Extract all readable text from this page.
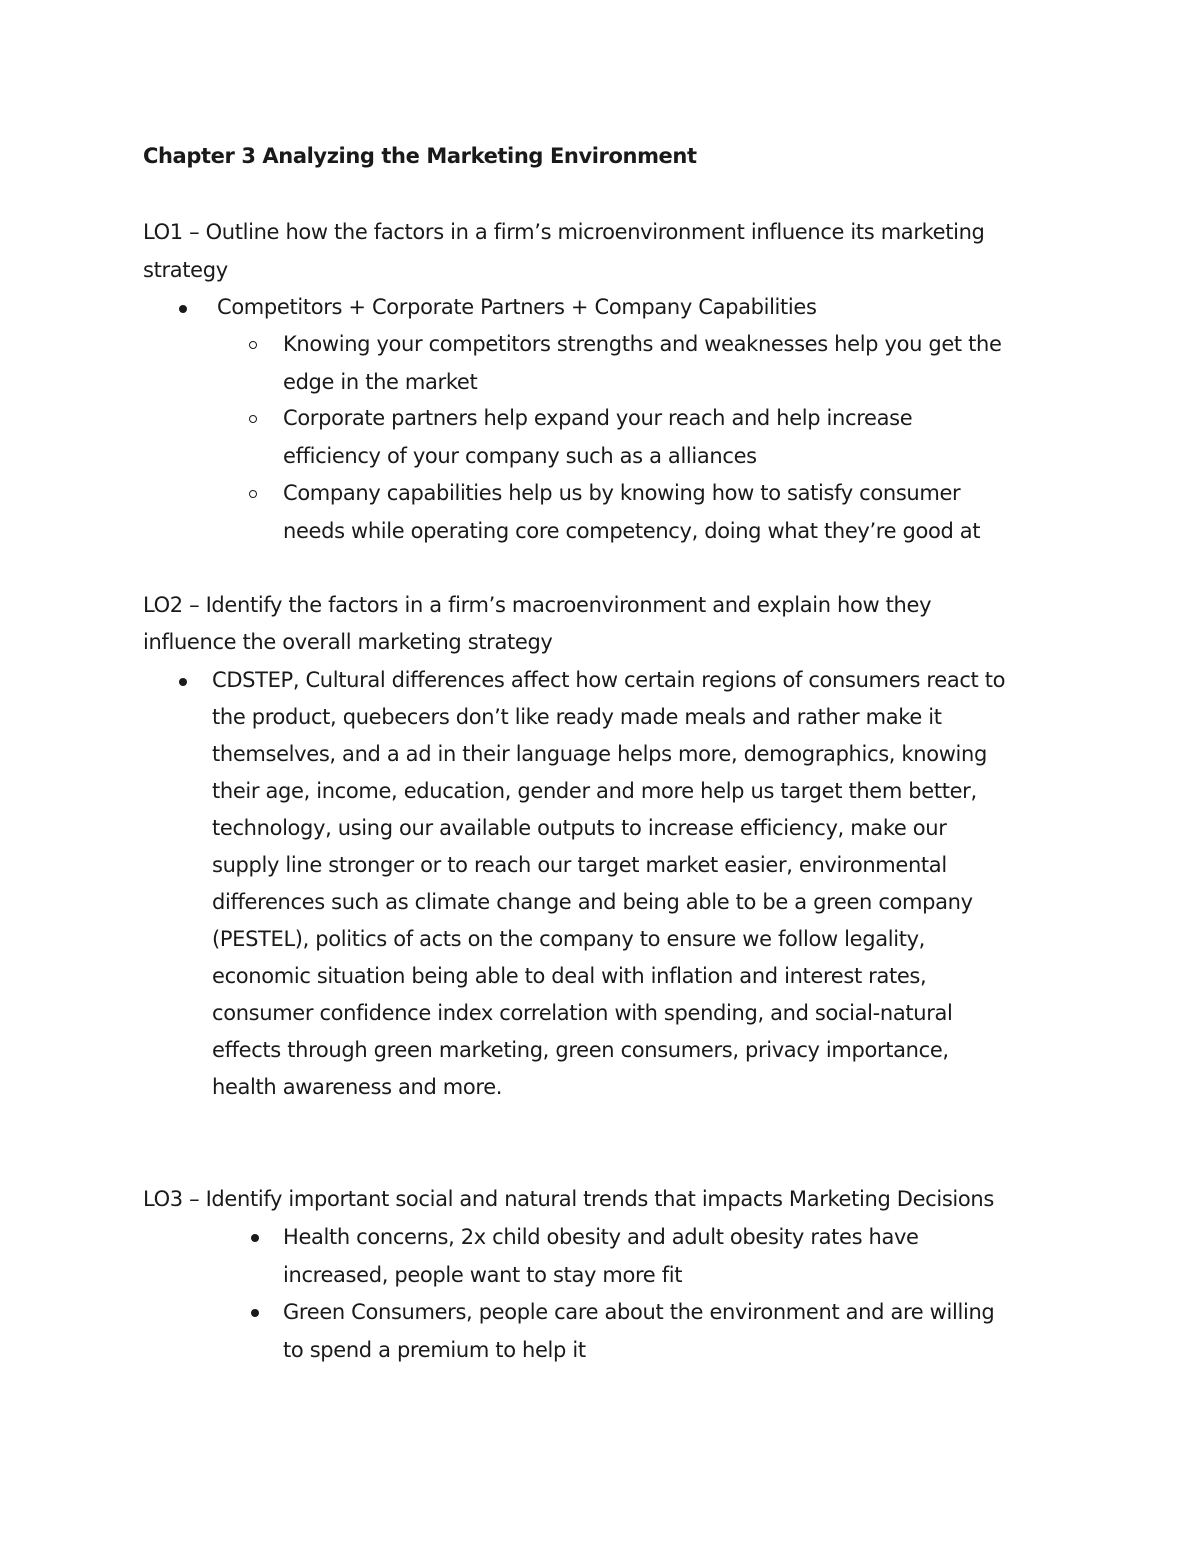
Chapter 3 Analyzing the Marketing Environment
LO1 – Outline how the factors in a firm’s microenvironment influence its marketing
strategy
Competitors + Corporate Partners + Company Capabilities
Knowing your competitors strengths and weaknesses help you get the
edge in the market
Corporate partners help expand your reach and help increase
efficiency of your company such as a alliances
Company capabilities help us by knowing how to satisfy consumer
needs while operating core competency, doing what they’re good at
LO2 – Identify the factors in a firm’s macroenvironment and explain how they
influence the overall marketing strategy
CDSTEP, Cultural differences affect how certain regions of consumers react to
the product, quebecers don’t like ready made meals and rather make it
themselves, and a ad in their language helps more, demographics, knowing
their age, income, education, gender and more help us target them better,
technology, using our available outputs to increase efficiency, make our
supply line stronger or to reach our target market easier, environmental
differences such as climate change and being able to be a green company
(PESTEL), politics of acts on the company to ensure we follow legality,
economic situation being able to deal with inflation and interest rates,
consumer confidence index correlation with spending, and social-natural
effects through green marketing, green consumers, privacy importance,
health awareness and more.
LO3 – Identify important social and natural trends that impacts Marketing Decisions
Health concerns, 2x child obesity and adult obesity rates have
increased, people want to stay more fit
Green Consumers, people care about the environment and are willing
to spend a premium to help it
